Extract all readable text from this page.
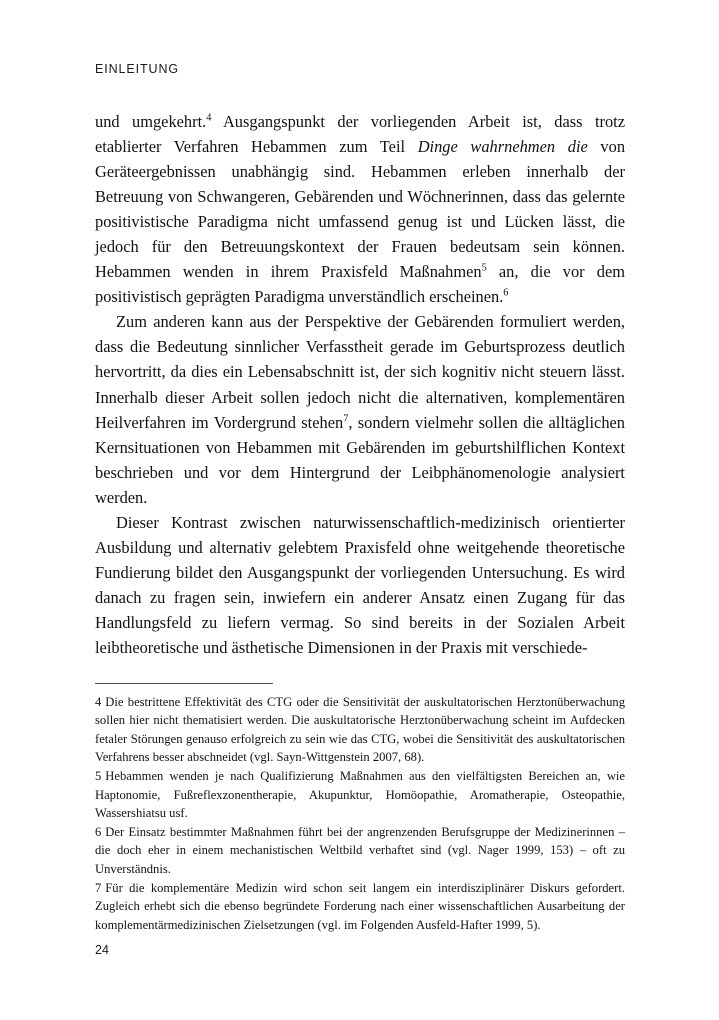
EINLEITUNG

und umgekehrt.$^4$ Ausgangspunkt der vorliegenden Arbeit ist, dass trotz etablierter Verfahren Hebammen zum Teil Dinge wahrnehmen die von Geräteergebnissen unabhängig sind. Hebammen erleben innerhalb der Betreuung von Schwangeren, Gebärenden und Wöchnerinnen, dass das gelernte positivistische Paradigma nicht umfassend genug ist und Lücken lässt, die jedoch für den Betreuungskontext der Frauen bedeutsam sein können. Hebammen wenden in ihrem Praxisfeld Maßnahmen$^5$ an, die vor dem positivistisch geprägten Paradigma unverständlich erscheinen.$^6$

Zum anderen kann aus der Perspektive der Gebärenden formuliert werden, dass die Bedeutung sinnlicher Verfasstheit gerade im Geburtsprozess deutlich hervortritt, da dies ein Lebensabschnitt ist, der sich kognitiv nicht steuern lässt. Innerhalb dieser Arbeit sollen jedoch nicht die alternativen, komplementären Heilverfahren im Vordergrund stehen$^7$, sondern vielmehr sollen die alltäglichen Kernsituationen von Hebammen mit Gebärenden im geburtshilflichen Kontext beschrieben und vor dem Hintergrund der Leibphänomenologie analysiert werden.

Dieser Kontrast zwischen naturwissenschaftlich-medizinisch orientierter Ausbildung und alternativ gelebtem Praxisfeld ohne weitgehende theoretische Fundierung bildet den Ausgangspunkt der vorliegenden Untersuchung. Es wird danach zu fragen sein, inwiefern ein anderer Ansatz einen Zugang für das Handlungsfeld zu liefern vermag. So sind bereits in der Sozialen Arbeit leibtheoretische und ästhetische Dimensionen in der Praxis mit verschiede-

4 Die bestrittene Effektivität des CTG oder die Sensitivität der auskultatorischen Herztonüberwachung sollen hier nicht thematisiert werden. Die auskultatorische Herztonüberwachung scheint im Aufdecken fetaler Störungen genauso erfolgreich zu sein wie das CTG, wobei die Sensitivität des auskultatorischen Verfahrens besser abschneidet (vgl. Sayn-Wittgenstein 2007, 68).

5 Hebammen wenden je nach Qualifizierung Maßnahmen aus den vielfältigsten Bereichen an, wie Haptonomie, Fußreflexzonentherapie, Akupunktur, Homöopathie, Aromatherapie, Osteopathie, Wassershiatsu usf.

6 Der Einsatz bestimmter Maßnahmen führt bei der angrenzenden Berufsgruppe der Medizinerinnen – die doch eher in einem mechanistischen Weltbild verhaftet sind (vgl. Nager 1999, 153) – oft zu Unverständnis.

7 Für die komplementäre Medizin wird schon seit langem ein interdisziplinärer Diskurs gefordert. Zugleich erhebt sich die ebenso begründete Forderung nach einer wissenschaftlichen Ausarbeitung der komplementärmedizinischen Zielsetzungen (vgl. im Folgenden Ausfeld-Hafter 1999, 5).

24
